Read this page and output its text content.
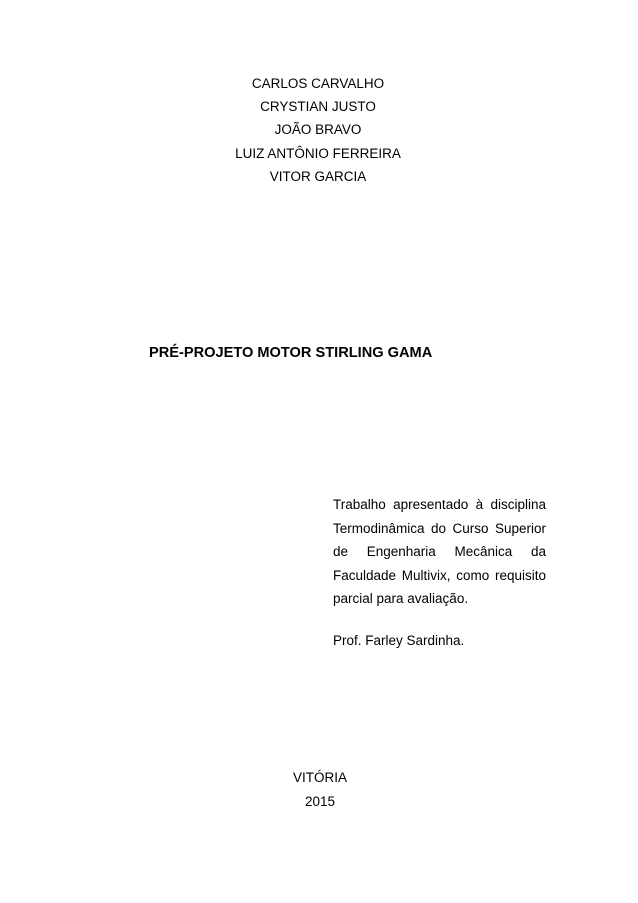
CARLOS CARVALHO
CRYSTIAN JUSTO
JOÃO BRAVO
LUIZ ANTÔNIO FERREIRA
VITOR GARCIA
PRÉ-PROJETO MOTOR STIRLING GAMA
Trabalho apresentado à disciplina Termodinâmica do Curso Superior de Engenharia Mecânica da Faculdade Multivix, como requisito parcial para avaliação.
Prof. Farley Sardinha.
VITÓRIA
2015
